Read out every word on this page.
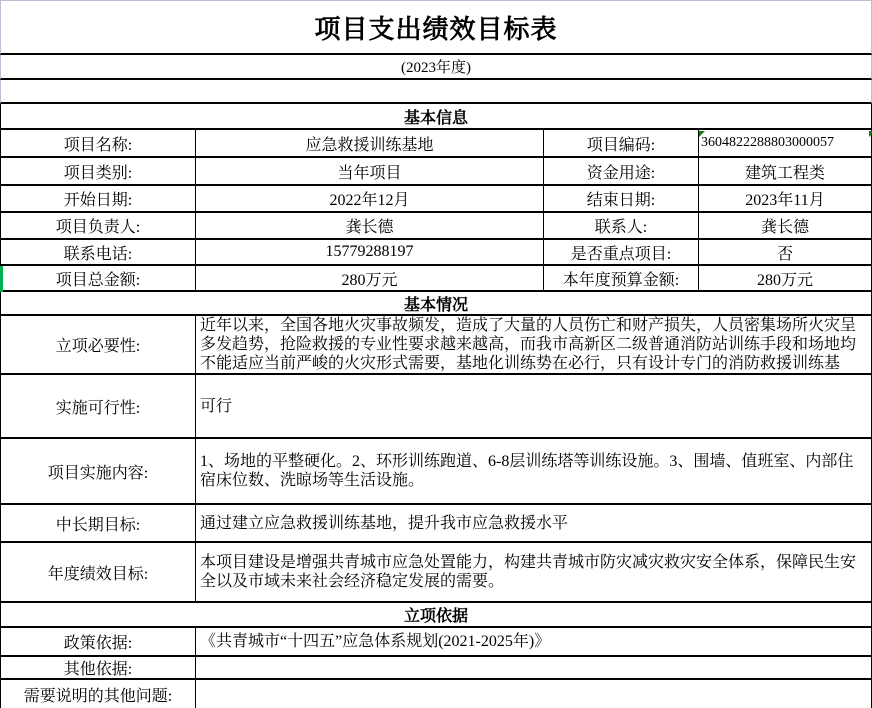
项目支出绩效目标表
(2023年度)
基本信息
项目名称:	应急救援训练基地	项目编码:	3604822288803000057
项目类别:	当年项目	资金用途:	建筑工程类
开始日期:	2022年12月	结束日期:	2023年11月
项目负责人:	龚长德	联系人:	龚长德
联系电话:	15779288197	是否重点项目:	否
项目总金额:	280万元	本年度预算金额:	280万元
基本情况
立项必要性:
近年以来，全国各地火灾事故频发，造成了大量的人员伤亡和财产损失，人员密集场所火灾呈多发趋势，抢险救援的专业性要求越来越高，而我市高新区二级普通消防站训练手段和场地均不能适应当前严峻的火灾形式需要，基地化训练势在必行，只有设计专门的消防救援训练基
实施可行性:	可行
项目实施内容:
1、场地的平整硬化。2、环形训练跑道、6-8层训练塔等训练设施。3、围墙、值班室、内部住宿床位数、洗晾场等生活设施。
中长期目标:	通过建立应急救援训练基地，提升我市应急救援水平
年度绩效目标:
本项目建设是增强共青城市应急处置能力，构建共青城市防灾减灾救灾安全体系，保障民生安全以及市域未来社会经济稳定发展的需要。
立项依据
政策依据:	《共青城市“十四五”应急体系规划(2021-2025年)》
其他依据:
需要说明的其他问题:
